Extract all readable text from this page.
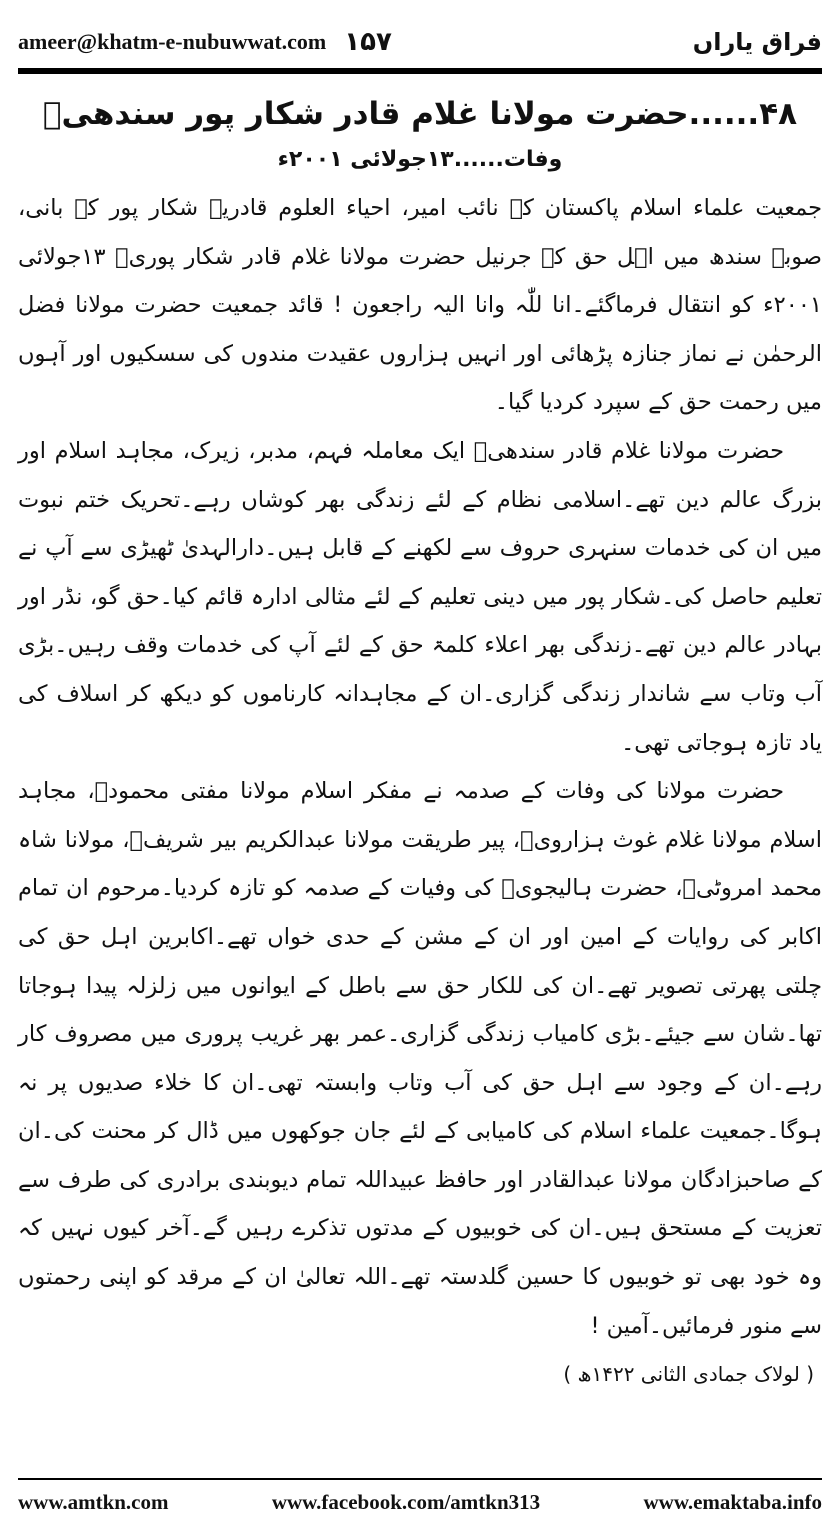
ameer@khatm-e-nubuwwat.com ۱۵۷	فراق یاراں
۴۸......حضرت مولانا غلام قادر شکار پور سندھیؒ
وفات......۱۳جولائی ۲۰۰۱ء

جمعیت علماء اسلام پاکستان کے نائب امیر، احیاء العلوم قادریہ شکار پور کے بانی، صوبہ سندھ میں اہل حق کے جرنیل حضرت مولانا غلام قادر شکار پوریؒ ۱۳جولائی ۲۰۰۱ء کو انتقال فرماگئے۔انا للّٰہ وانا الیہ راجعون ! قائد جمعیت حضرت مولانا فضل الرحمٰن نے نماز جنازہ پڑھائی اور انہیں ہزاروں عقیدت مندوں کی سسکیوں اور آہوں میں رحمت حق کے سپرد کردیا گیا۔

حضرت مولانا غلام قادر سندھیؒ ایک معاملہ فہم، مدبر، زیرک، مجاہد اسلام اور بزرگ عالم دین تھے۔اسلامی نظام کے لئے زندگی بھر کوشاں رہے۔تحریک ختم نبوت میں ان کی خدمات سنہری حروف سے لکھنے کے قابل ہیں۔دارالہدیٰ ٹھیڑی سے آپ نے تعلیم حاصل کی۔شکار پور میں دینی تعلیم کے لئے مثالی ادارہ قائم کیا۔حق گو، نڈر اور بہادر عالم دین تھے۔زندگی بھر اعلاء کلمۃ حق کے لئے آپ کی خدمات وقف رہیں۔بڑی آب وتاب سے شاندار زندگی گزاری۔ان کے مجاہدانہ کارناموں کو دیکھ کر اسلاف کی یاد تازہ ہوجاتی تھی۔

حضرت مولانا کی وفات کے صدمہ نے مفکر اسلام مولانا مفتی محمودؒ، مجاہد اسلام مولانا غلام غوث ہزارویؒ، پیر طریقت مولانا عبدالکریم بیر شریفؒ، مولانا شاہ محمد امروٹیؒ، حضرت ہالیجویؒ کی وفیات کے صدمہ کو تازہ کردیا۔مرحوم ان تمام اکابر کی روایات کے امین اور ان کے مشن کے حدی خواں تھے۔اکابرین اہل حق کی چلتی پھرتی تصویر تھے۔ان کی للکار حق سے باطل کے ایوانوں میں زلزلہ پیدا ہوجاتا تھا۔شان سے جیئے۔بڑی کامیاب زندگی گزاری۔عمر بھر غریب پروری میں مصروف کار رہے۔ان کے وجود سے اہل حق کی آب وتاب وابستہ تھی۔ان کا خلاء صدیوں پر نہ ہوگا۔جمعیت علماء اسلام کی کامیابی کے لئے جان جوکھوں میں ڈال کر محنت کی۔ان کے صاحبزادگان مولانا عبدالقادر اور حافظ عبیداللہ تمام دیوبندی برادری کی طرف سے تعزیت کے مستحق ہیں۔ان کی خوبیوں کے مدتوں تذکرے رہیں گے۔آخر کیوں نہیں کہ وہ خود بھی تو خوبیوں کا حسین گلدستہ تھے۔اللہ تعالیٰ ان کے مرقد کو اپنی رحمتوں سے منور فرمائیں۔آمین !

( لولاک جمادی الثانی ۱۴۲۲ھ )
www.amtkn.com	www.facebook.com/amtkn313	www.emaktaba.info
